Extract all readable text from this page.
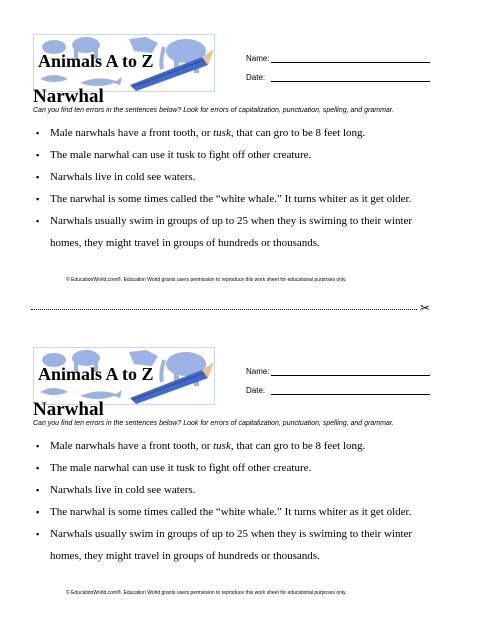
Animals A to Z	Name:
Date:
Narwhal
Can you find ten errors in the sentences below? Look for errors of capitalization, punctuation, spelling, and grammar.
▪ Male narwhals have a front tooth, or tusk, that can gro to be 8 feet long.
▪ The male narwhal can use it tusk to fight off other creature.
▪ Narwhals live in cold see waters.
▪ The narwhal is some times called the “white whale.” It turns whiter as it get older.
▪ Narwhals usually swim in groups of up to 25 when they is swiming to their winter
homes, they might travel in groups of hundreds or thousands.
© EducationWorld.com®. Education World grants users permission to reproduce this work sheet for educational purposes only.
✂
Animals A to Z	Name:
Date:
Narwhal
Can you find ten errors in the sentences below? Look for errors of capitalization, punctuation, spelling, and grammar.
▪ Male narwhals have a front tooth, or tusk, that can gro to be 8 feet long.
▪ The male narwhal can use it tusk to fight off other creature.
▪ Narwhals live in cold see waters.
▪ The narwhal is some times called the “white whale.” It turns whiter as it get older.
▪ Narwhals usually swim in groups of up to 25 when they is swiming to their winter
homes, they might travel in groups of hundreds or thousands.
© EducationWorld.com®. Education World grants users permission to reproduce this work sheet for educational purposes only.
